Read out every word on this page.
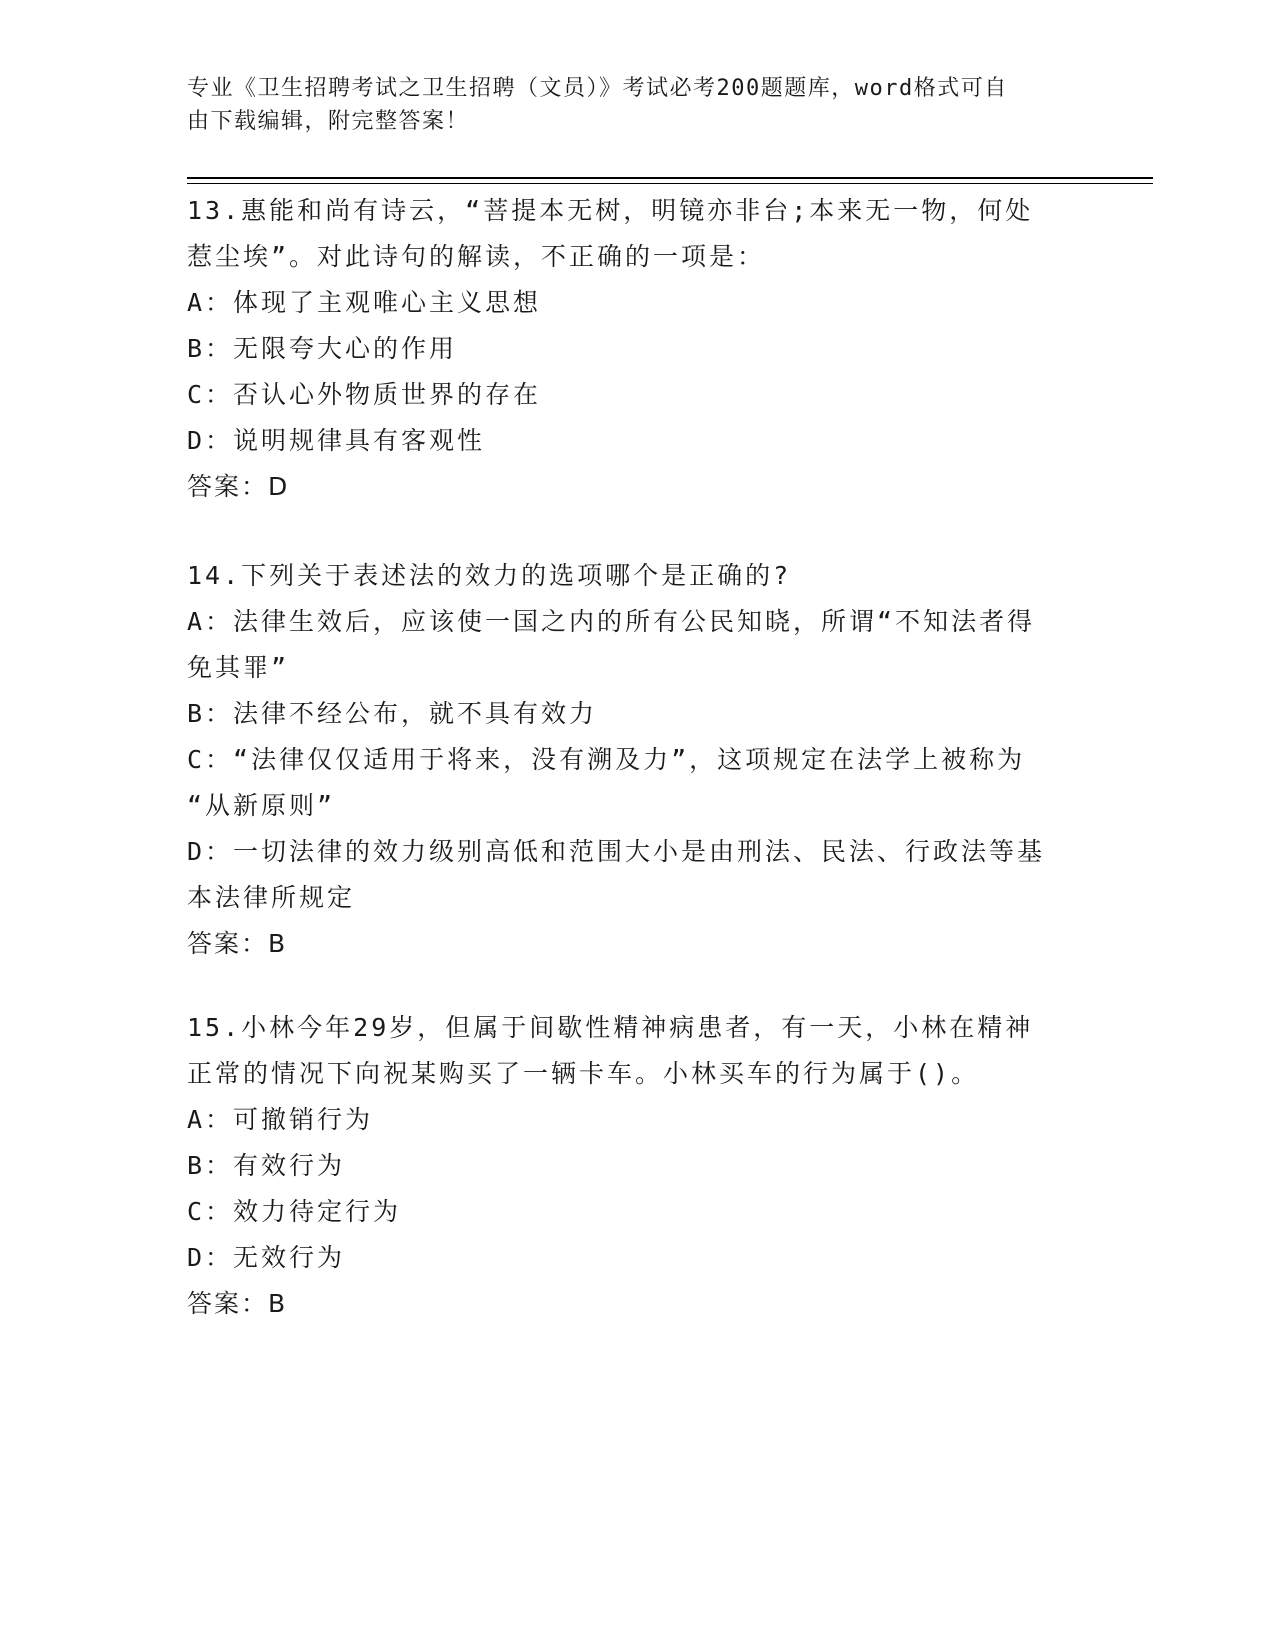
专业《卫生招聘考试之卫生招聘（文员）》考试必考200题题库，word格式可自
由下载编辑，附完整答案！
13.惠能和尚有诗云，“菩提本无树，明镜亦非台;本来无一物，何处
惹尘埃”。对此诗句的解读，不正确的一项是：
A：体现了主观唯心主义思想
B：无限夸大心的作用
C：否认心外物质世界的存在
D：说明规律具有客观性
答案：D
14.下列关于表述法的效力的选项哪个是正确的?
A：法律生效后，应该使一国之内的所有公民知晓，所谓“不知法者得
免其罪”
B：法律不经公布，就不具有效力
C：“法律仅仅适用于将来，没有溯及力”，这项规定在法学上被称为
“从新原则”
D：一切法律的效力级别高低和范围大小是由刑法、民法、行政法等基
本法律所规定
答案：B
15.小林今年29岁，但属于间歇性精神病患者，有一天，小林在精神
正常的情况下向祝某购买了一辆卡车。小林买车的行为属于()。
A：可撤销行为
B：有效行为
C：效力待定行为
D：无效行为
答案：B
